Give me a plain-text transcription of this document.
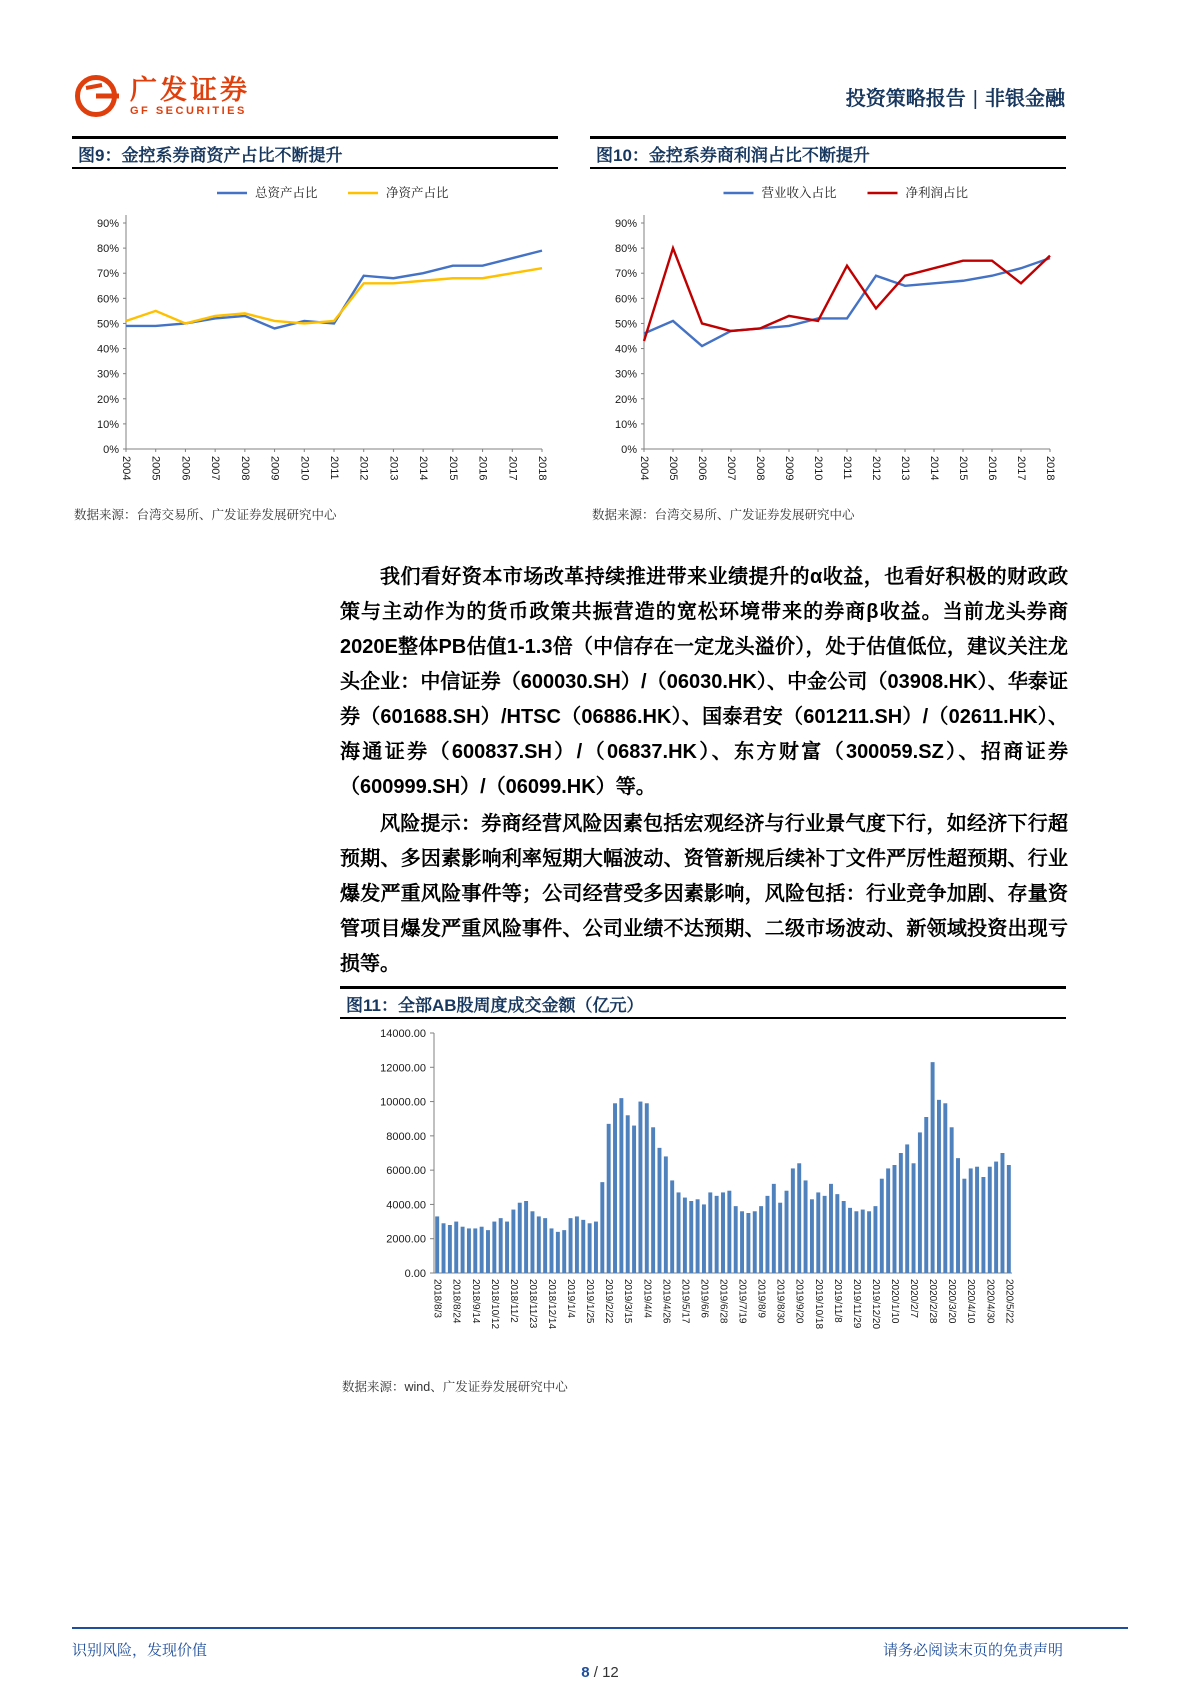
广发证券
GF SECURITIES
投资策略报告 | 非银金融
图9：金控系券商资产占比不断提升
0%
10%
20%
30%
40%
50%
60%
70%
80%
90%
2004 2005 2006 2007 2008 2009 2010 2011 2012 2013 2014 2015 2016 2017 2018
总资产占比	净资产占比
数据来源：台湾交易所、广发证券发展研究中心
图10：金控系券商利润占比不断提升
0%
10%
20%
30%
40%
50%
60%
70%
80%
90%
2004 2005 2006 2007 2008 2009 2010 2011 2012 2013 2014 2015 2016 2017 2018
营业收入占比	净利润占比
数据来源：台湾交易所、广发证券发展研究中心

我们看好资本市场改革持续推进带来业绩提升的α收益，也看好积极的财政政策与主动作为的货币政策共振营造的宽松环境带来的券商β收益。当前龙头券商2020E整体PB估值1-1.3倍（中信存在一定龙头溢价），处于估值低位，建议关注龙头企业：中信证券（600030.SH）/（06030.HK）、中金公司（03908.HK）、华泰证券（601688.SH）/HTSC（06886.HK）、国泰君安（601211.SH）/（02611.HK）、海通证券（600837.SH）/（06837.HK）、东方财富（300059.SZ）、招商证券（600999.SH）/（06099.HK）等。

风险提示：券商经营风险因素包括宏观经济与行业景气度下行，如经济下行超预期、多因素影响利率短期大幅波动、资管新规后续补丁文件严厉性超预期、行业爆发严重风险事件等；公司经营受多因素影响，风险包括：行业竞争加剧、存量资管项目爆发严重风险事件、公司业绩不达预期、二级市场波动、新领域投资出现亏损等。

图11：全部AB股周度成交金额（亿元）
0.00
2000.00
4000.00
6000.00
8000.00
10000.00
12000.00
14000.00
2018/8/3 2018/8/24 2018/9/14 2018/10/12 2018/11/2 2018/11/23 2018/12/14 2019/1/4 2019/1/25 2019/2/22 2019/3/15 2019/4/4 2019/4/26 2019/5/17 2019/6/6 2019/6/28 2019/7/19 2019/8/9 2019/8/30 2019/9/20 2019/10/18 2019/11/8 2019/11/29 2019/12/20 2020/1/10 2020/2/7 2020/2/28 2020/3/20 2020/4/10 2020/4/30 2020/5/22
数据来源：wind、广发证券发展研究中心
识别风险，发现价值	请务必阅读末页的免责声明
8 / 12
